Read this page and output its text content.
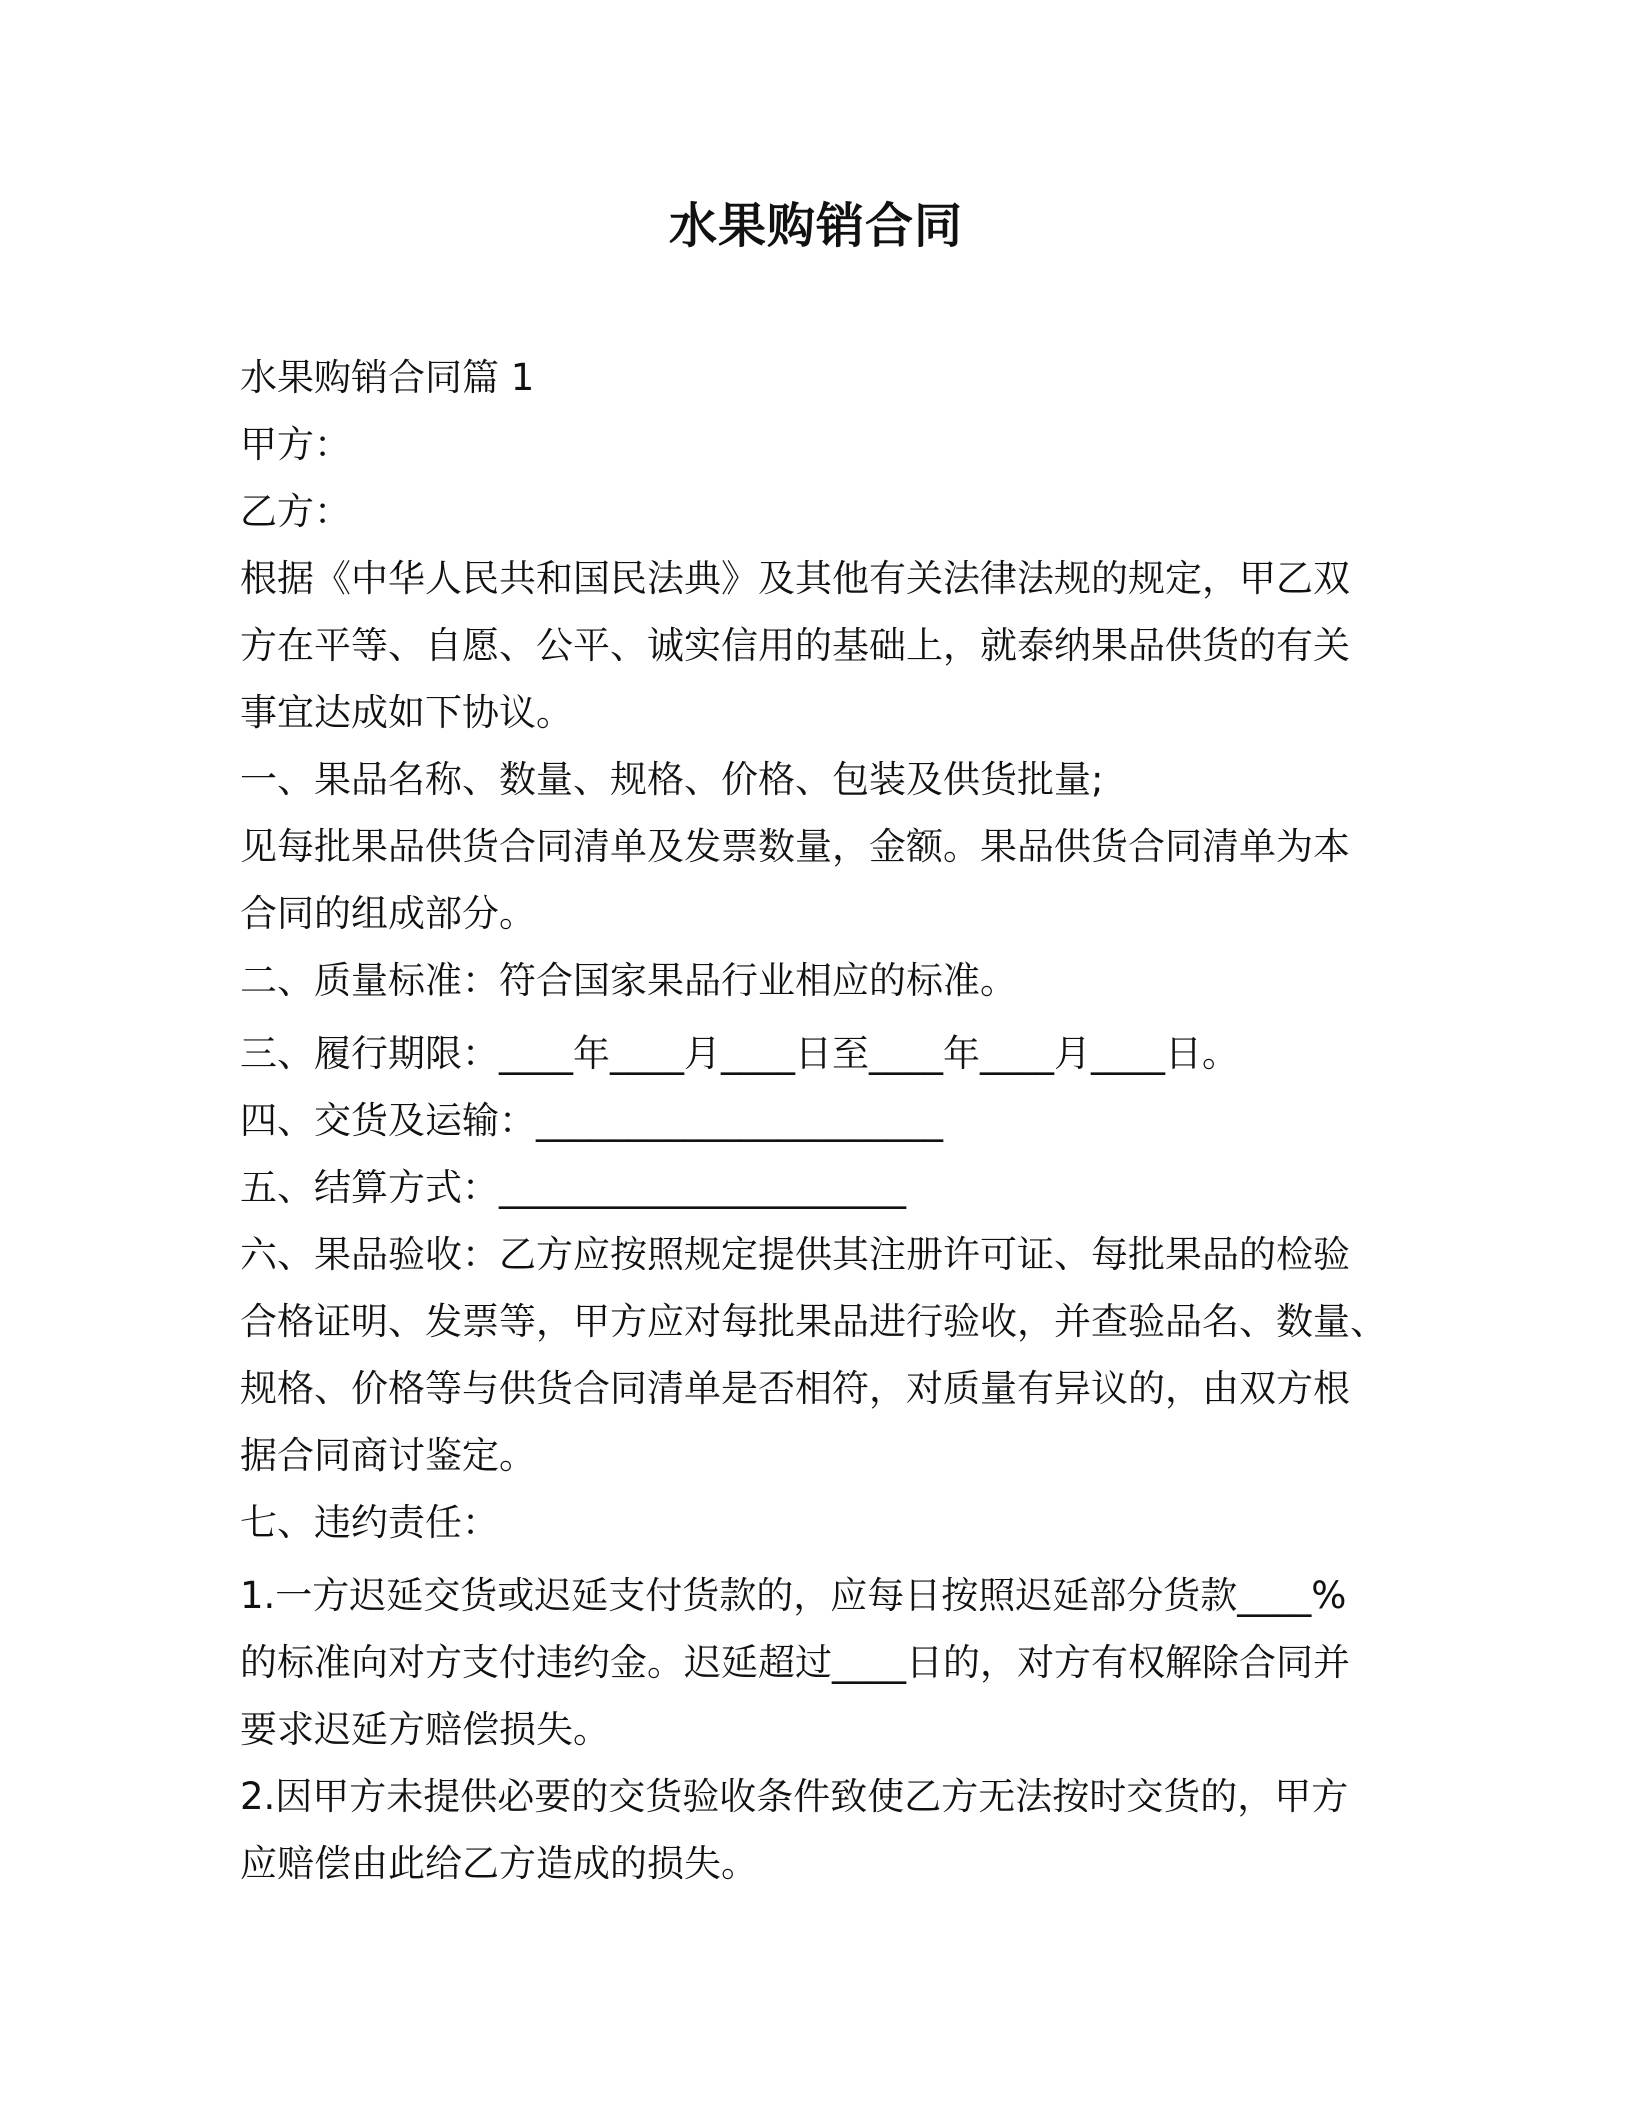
水果购销合同
水果购销合同篇 1
甲方：
乙方：
根据《中华人民共和国民法典》及其他有关法律法规的规定，甲乙双
方在平等、自愿、公平、诚实信用的基础上，就泰纳果品供货的有关
事宜达成如下协议。
一、果品名称、数量、规格、价格、包装及供货批量;
见每批果品供货合同清单及发票数量，金额。果品供货合同清单为本
合同的组成部分。
二、质量标准：符合国家果品行业相应的标准。
三、履行期限：____年____月____日至____年____月____日。
四、交货及运输：______________________
五、结算方式：______________________
六、果品验收：乙方应按照规定提供其注册许可证、每批果品的检验
合格证明、发票等，甲方应对每批果品进行验收，并查验品名、数量、
规格、价格等与供货合同清单是否相符，对质量有异议的，由双方根
据合同商讨鉴定。
七、违约责任：
1.一方迟延交货或迟延支付货款的，应每日按照迟延部分货款____%
的标准向对方支付违约金。迟延超过____日的，对方有权解除合同并
要求迟延方赔偿损失。
2.因甲方未提供必要的交货验收条件致使乙方无法按时交货的，甲方
应赔偿由此给乙方造成的损失。
